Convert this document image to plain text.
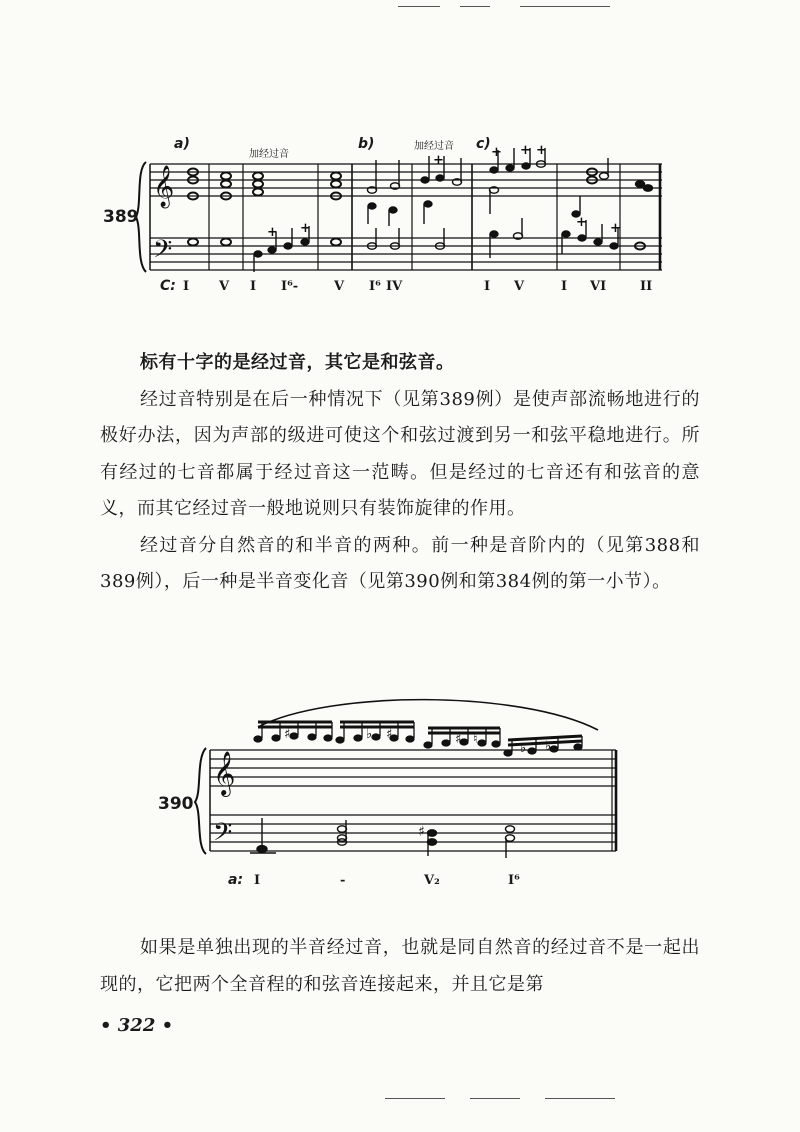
𝄞
𝄢
+ +
+
+ + +
+ +
389
a)	b)	c)
加经过音
加经过音
C: I V I I⁶-	V I⁶ IV	I V	I VI	II

标有十字的是经过音，其它是和弦音。

经过音特别是在后一种情况下（见第389例）是使声部流畅地进行的极好办法，因为声部的级进可使这个和弦过渡到另一和弦平稳地进行。所有经过的七音都属于经过音这一范畴。但是经过的七音还有和弦音的意义，而其它经过音一般地说则只有装饰旋律的作用。

经过音分自然音的和半音的两种。前一种是音阶内的（见第388和389例），后一种是半音变化音（见第390例和第384例的第一小节）。

𝄞
𝄢
♯	♭ ♯	♯ ♮
♭ ♭
♯
390
a: I	-	V₂	I⁶

如果是单独出现的半音经过音，也就是同自然音的经过音不是一起出现的，它把两个全音程的和弦音连接起来，并且它是第

• 322 •
